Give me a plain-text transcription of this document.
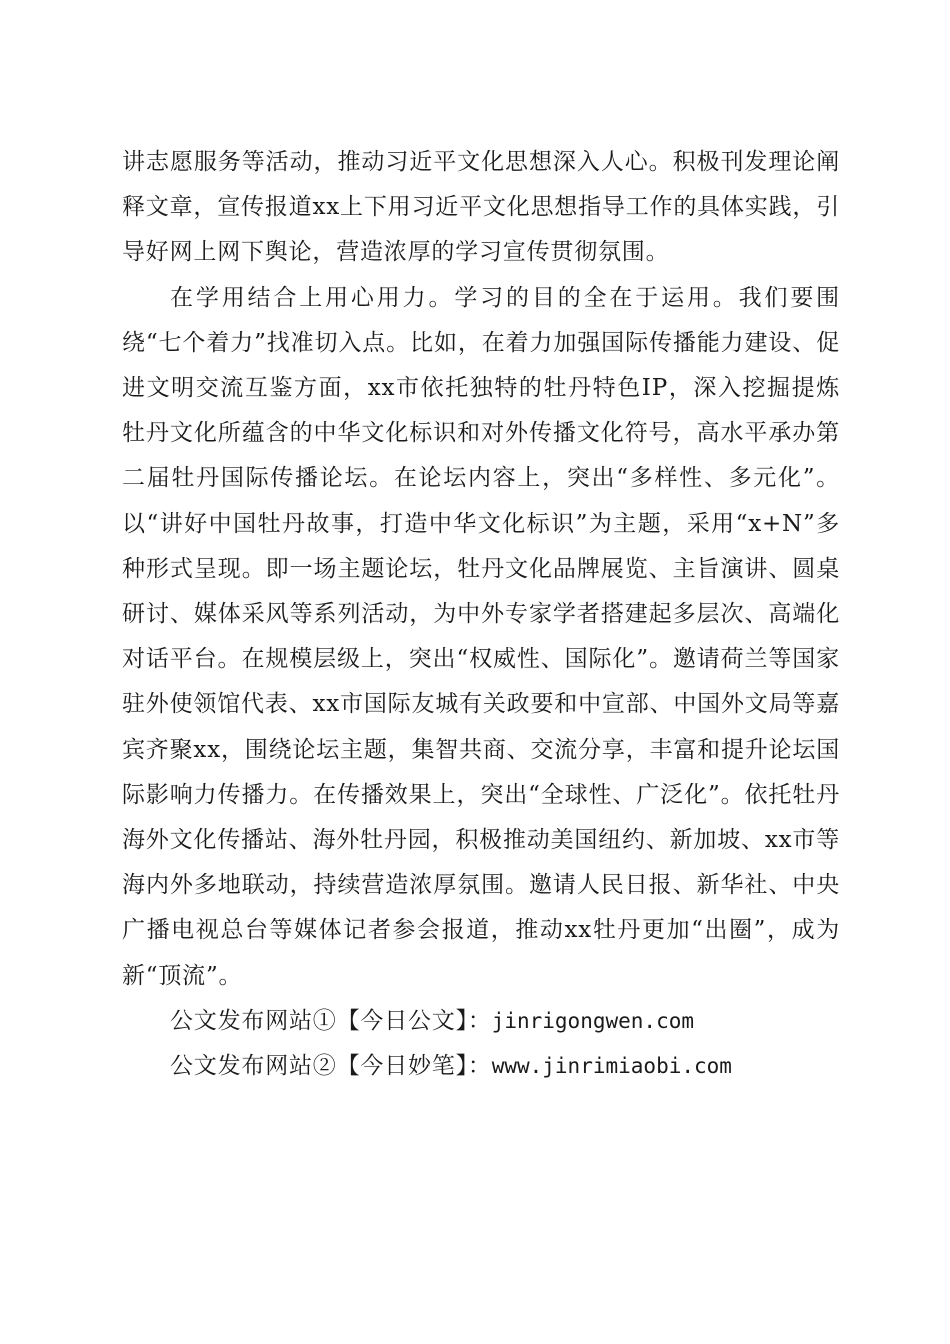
讲志愿服务等活动，推动习近平文化思想深入人心。积极刊发理论阐释文章，宣传报道xx上下用习近平文化思想指导工作的具体实践，引导好网上网下舆论，营造浓厚的学习宣传贯彻氛围。

在学用结合上用心用力。学习的目的全在于运用。我们要围绕“七个着力”找准切入点。比如，在着力加强国际传播能力建设、促进文明交流互鉴方面，xx市依托独特的牡丹特色IP，深入挖掘提炼牡丹文化所蕴含的中华文化标识和对外传播文化符号，高水平承办第二届牡丹国际传播论坛。在论坛内容上，突出“多样性、多元化”。以“讲好中国牡丹故事，打造中华文化标识”为主题，采用“x+N”多种形式呈现。即一场主题论坛，牡丹文化品牌展览、主旨演讲、圆桌研讨、媒体采风等系列活动，为中外专家学者搭建起多层次、高端化对话平台。在规模层级上，突出“权威性、国际化”。邀请荷兰等国家驻外使领馆代表、xx市国际友城有关政要和中宣部、中国外文局等嘉宾齐聚xx，围绕论坛主题，集智共商、交流分享，丰富和提升论坛国际影响力传播力。在传播效果上，突出“全球性、广泛化”。依托牡丹海外文化传播站、海外牡丹园，积极推动美国纽约、新加坡、xx市等海内外多地联动，持续营造浓厚氛围。邀请人民日报、新华社、中央广播电视总台等媒体记者参会报道，推动xx牡丹更加“出圈”，成为新“顶流”。

公文发布网站①【今日公文】：jinrigongwen.com

公文发布网站②【今日妙笔】：www.jinrimiaobi.com
